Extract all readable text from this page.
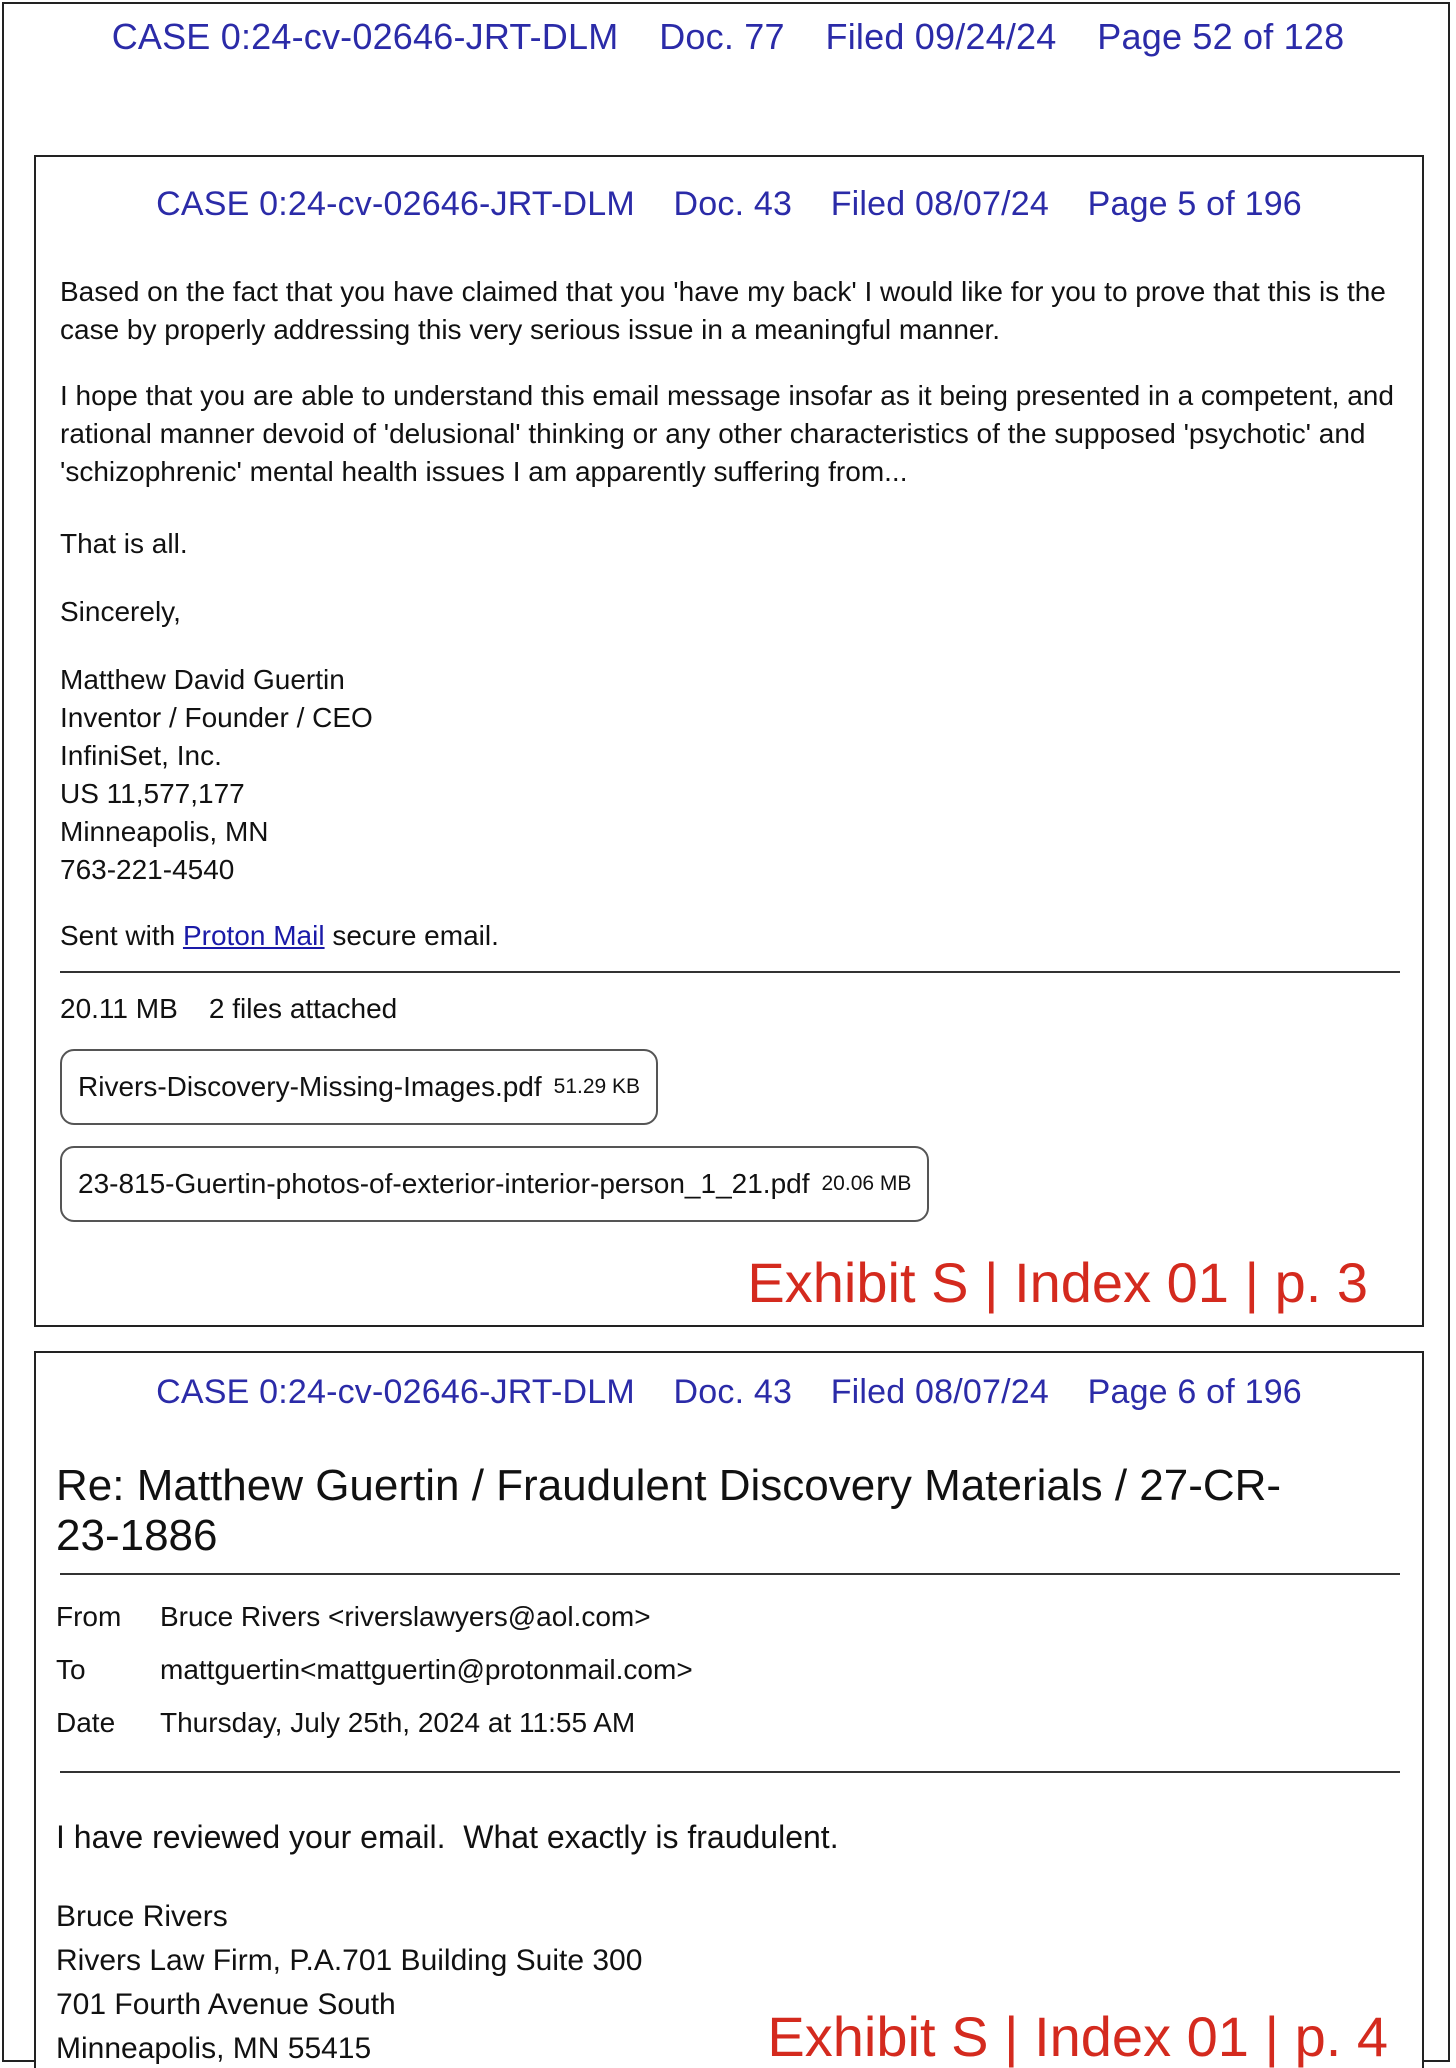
CASE 0:24-cv-02646-JRT-DLM Doc. 77 Filed 09/24/24 Page 52 of 128
CASE 0:24-cv-02646-JRT-DLM Doc. 43 Filed 08/07/24 Page 5 of 196

Based on the fact that you have claimed that you 'have my back' I would like for you to prove that this is the case by properly addressing this very serious issue in a meaningful manner.

I hope that you are able to understand this email message insofar as it being presented in a competent, and rational manner devoid of 'delusional' thinking or any other characteristics of the supposed 'psychotic' and 'schizophrenic' mental health issues I am apparently suffering from...

That is all.

Sincerely,

Matthew David Guertin
Inventor / Founder / CEO
InfiniSet, Inc.
US 11,577,177
Minneapolis, MN
763-221-4540

Sent with Proton Mail secure email.

20.11 MB 2 files attached
Rivers-Discovery-Missing-Images.pdf 51.29 KB
23-815-Guertin-photos-of-exterior-interior-person_1_21.pdf 20.06 MB
Exhibit S | Index 01 | p. 3
CASE 0:24-cv-02646-JRT-DLM Doc. 43 Filed 08/07/24 Page 6 of 196
Re: Matthew Guertin / Fraudulent Discovery Materials / 27-CR-23-1886
From Bruce Rivers <riverslawyers@aol.com>
To	mattguertin<mattguertin@protonmail.com>
Date Thursday, July 25th, 2024 at 11:55 AM
I have reviewed your email.  What exactly is fraudulent.
Bruce Rivers
Rivers Law Firm, P.A.701 Building Suite 300
701 Fourth Avenue South
Minneapolis, MN 55415	Exhibit S | Index 01 | p. 4
